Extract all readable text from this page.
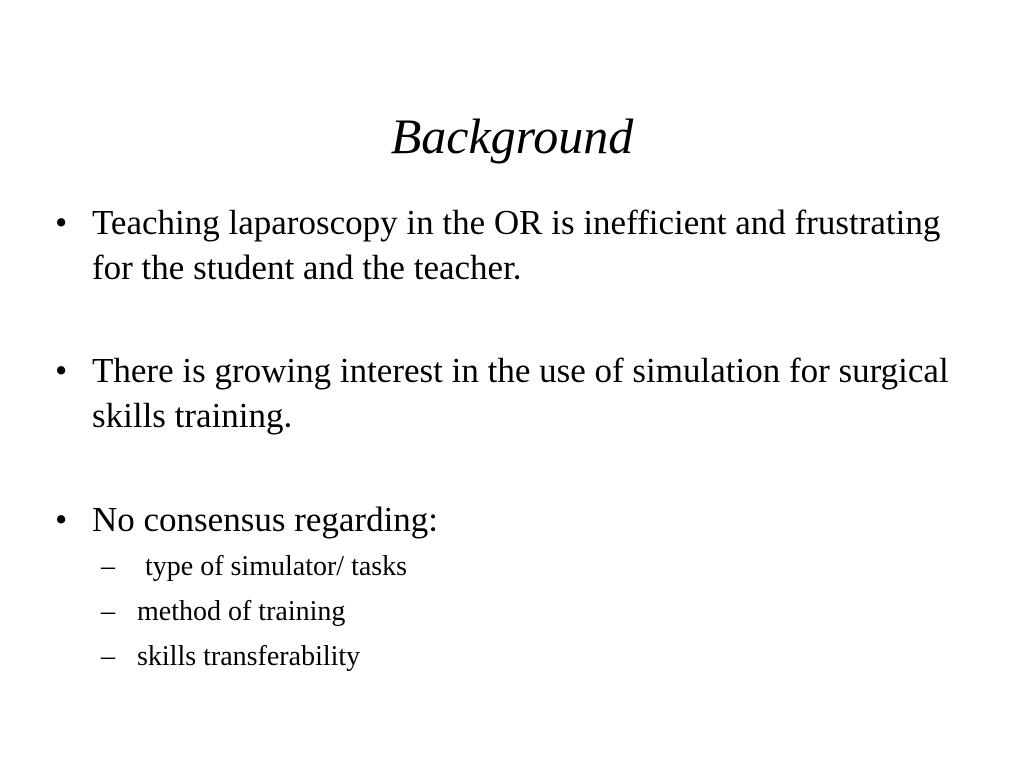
Background
• Teaching laparoscopy in the OR is inefficient and frustrating for the student and the teacher.
• There is growing interest in the use of simulation for surgical skills training.
• No consensus regarding:
– type of simulator/ tasks
– method of training
– skills transferability
